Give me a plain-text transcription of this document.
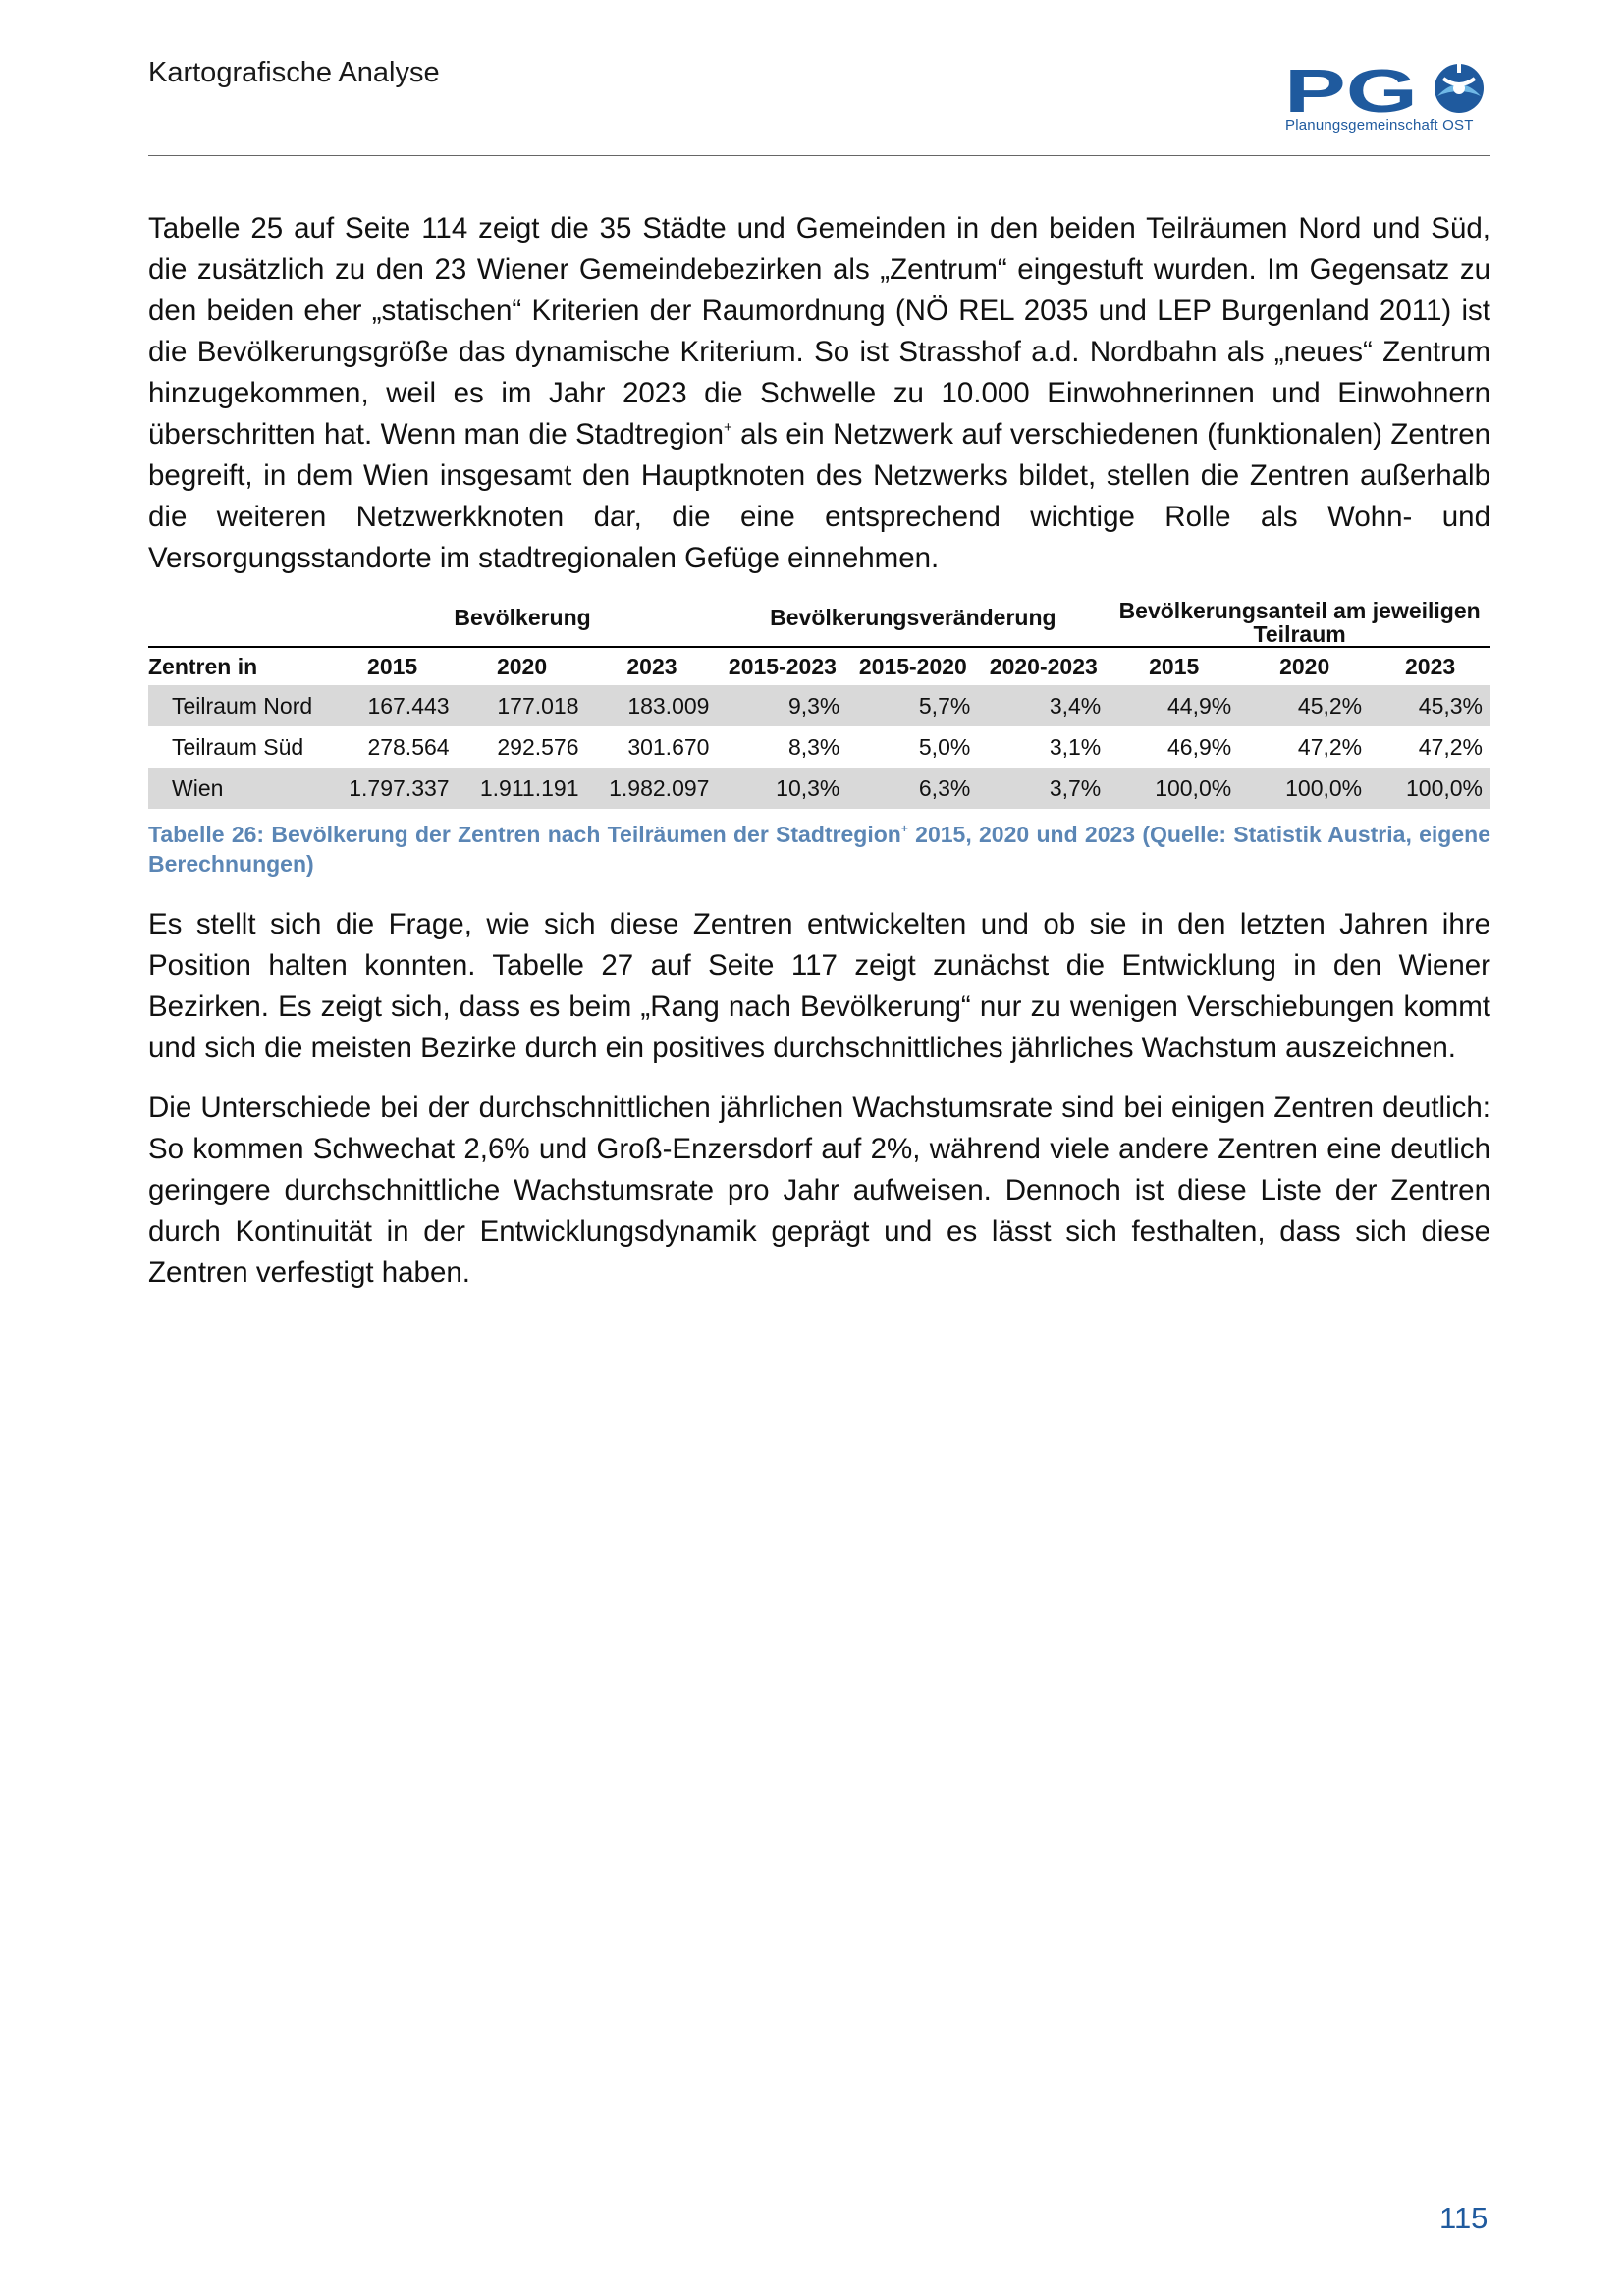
Kartografische Analyse	PG
Planungsgemeinschaft OST

Tabelle 25 auf Seite 114 zeigt die 35 Städte und Gemeinden in den beiden Teilräumen Nord und Süd, die zusätzlich zu den 23 Wiener Gemeindebezirken als „Zentrum“ eingestuft wurden. Im Gegensatz zu den beiden eher „statischen“ Kriterien der Raumordnung (NÖ REL 2035 und LEP Burgenland 2011) ist die Bevölkerungsgröße das dynamische Kriterium. So ist Strasshof a.d. Nordbahn als „neues“ Zentrum hinzugekommen, weil es im Jahr 2023 die Schwelle zu 10.000 Einwohnerinnen und Einwohnern überschritten hat. Wenn man die Stadtregion+ als ein Netzwerk auf verschiedenen (funktionalen) Zentren begreift, in dem Wien insgesamt den Hauptknoten des Netzwerks bildet, stellen die Zentren außerhalb die weiteren Netzwerkknoten dar, die eine entsprechend wichtige Rolle als Wohn- und Versorgungsstandorte im stadtregionalen Gefüge einnehmen.

	Bevölkerung			Bevölkerungsveränderung			Bevölkerungsanteil am jeweiligen Teilraum		
Zentren in	2015	2020	2023	2015-2023	2015-2020	2020-2023	2015	2020	2023
Teilraum Nord	167.443	177.018	183.009	9,3%	5,7%	3,4%	44,9%	45,2%	45,3%
Teilraum Süd	278.564	292.576	301.670	8,3%	5,0%	3,1%	46,9%	47,2%	47,2%
Wien	1.797.337	1.911.191	1.982.097	10,3%	6,3%	3,7%	100,0%	100,0%	100,0%

Tabelle 26: Bevölkerung der Zentren nach Teilräumen der Stadtregion+ 2015, 2020 und 2023 (Quelle: Statistik Austria, eigene Berechnungen)

Es stellt sich die Frage, wie sich diese Zentren entwickelten und ob sie in den letzten Jahren ihre Position halten konnten. Tabelle 27 auf Seite 117 zeigt zunächst die Entwicklung in den Wiener Bezirken. Es zeigt sich, dass es beim „Rang nach Bevölkerung“ nur zu wenigen Verschiebungen kommt und sich die meisten Bezirke durch ein positives durchschnittliches jährliches Wachstum auszeichnen.

Die Unterschiede bei der durchschnittlichen jährlichen Wachstumsrate sind bei einigen Zentren deutlich: So kommen Schwechat 2,6% und Groß-Enzersdorf auf 2%, während viele andere Zentren eine deutlich geringere durchschnittliche Wachstumsrate pro Jahr aufweisen. Dennoch ist diese Liste der Zentren durch Kontinuität in der Entwicklungsdynamik geprägt und es lässt sich festhalten, dass sich diese Zentren verfestigt haben.

115
